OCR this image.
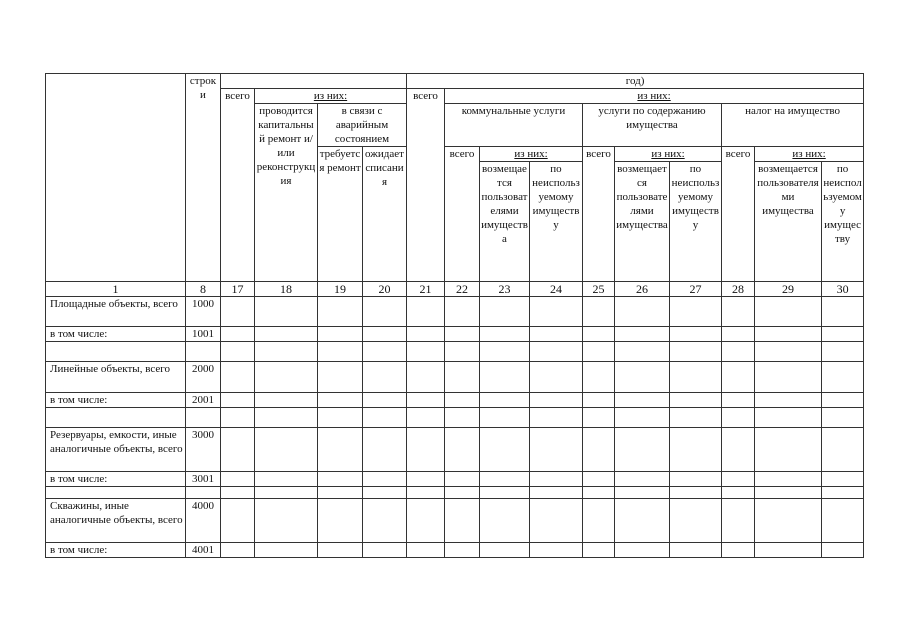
	строки					год)									
		всего	из них:			всего	из них:								
			проводится капитальный ремонт и/или реконструкция	в связи с аварийным состоянием			коммунальные услуги			услуги по содержанию имущества			налог на имущество		

				требуется ремонт	ожидает списания		всего	из них:		всего	из них:		всего	из них:	
								возмещается пользователями имущества	по неиспользуемому имуществу		возмещается пользователями имущества	по неиспользуемому имуществу		возмещается пользователями имущества	по неиспользуемому имуществу
1	8	17	18	19	20	21	22	23	24	25	26	27	28	29	30
Площадные объекты, всего	1000														
в том числе:	1001														

Линейные объекты, всего	2000														
в том числе:	2001														

Резервуары, емкости, иные аналогичные объекты, всего	3000														
в том числе:	3001														

Скважины, иные аналогичные объекты, всего	4000														
в том числе:	4001														
